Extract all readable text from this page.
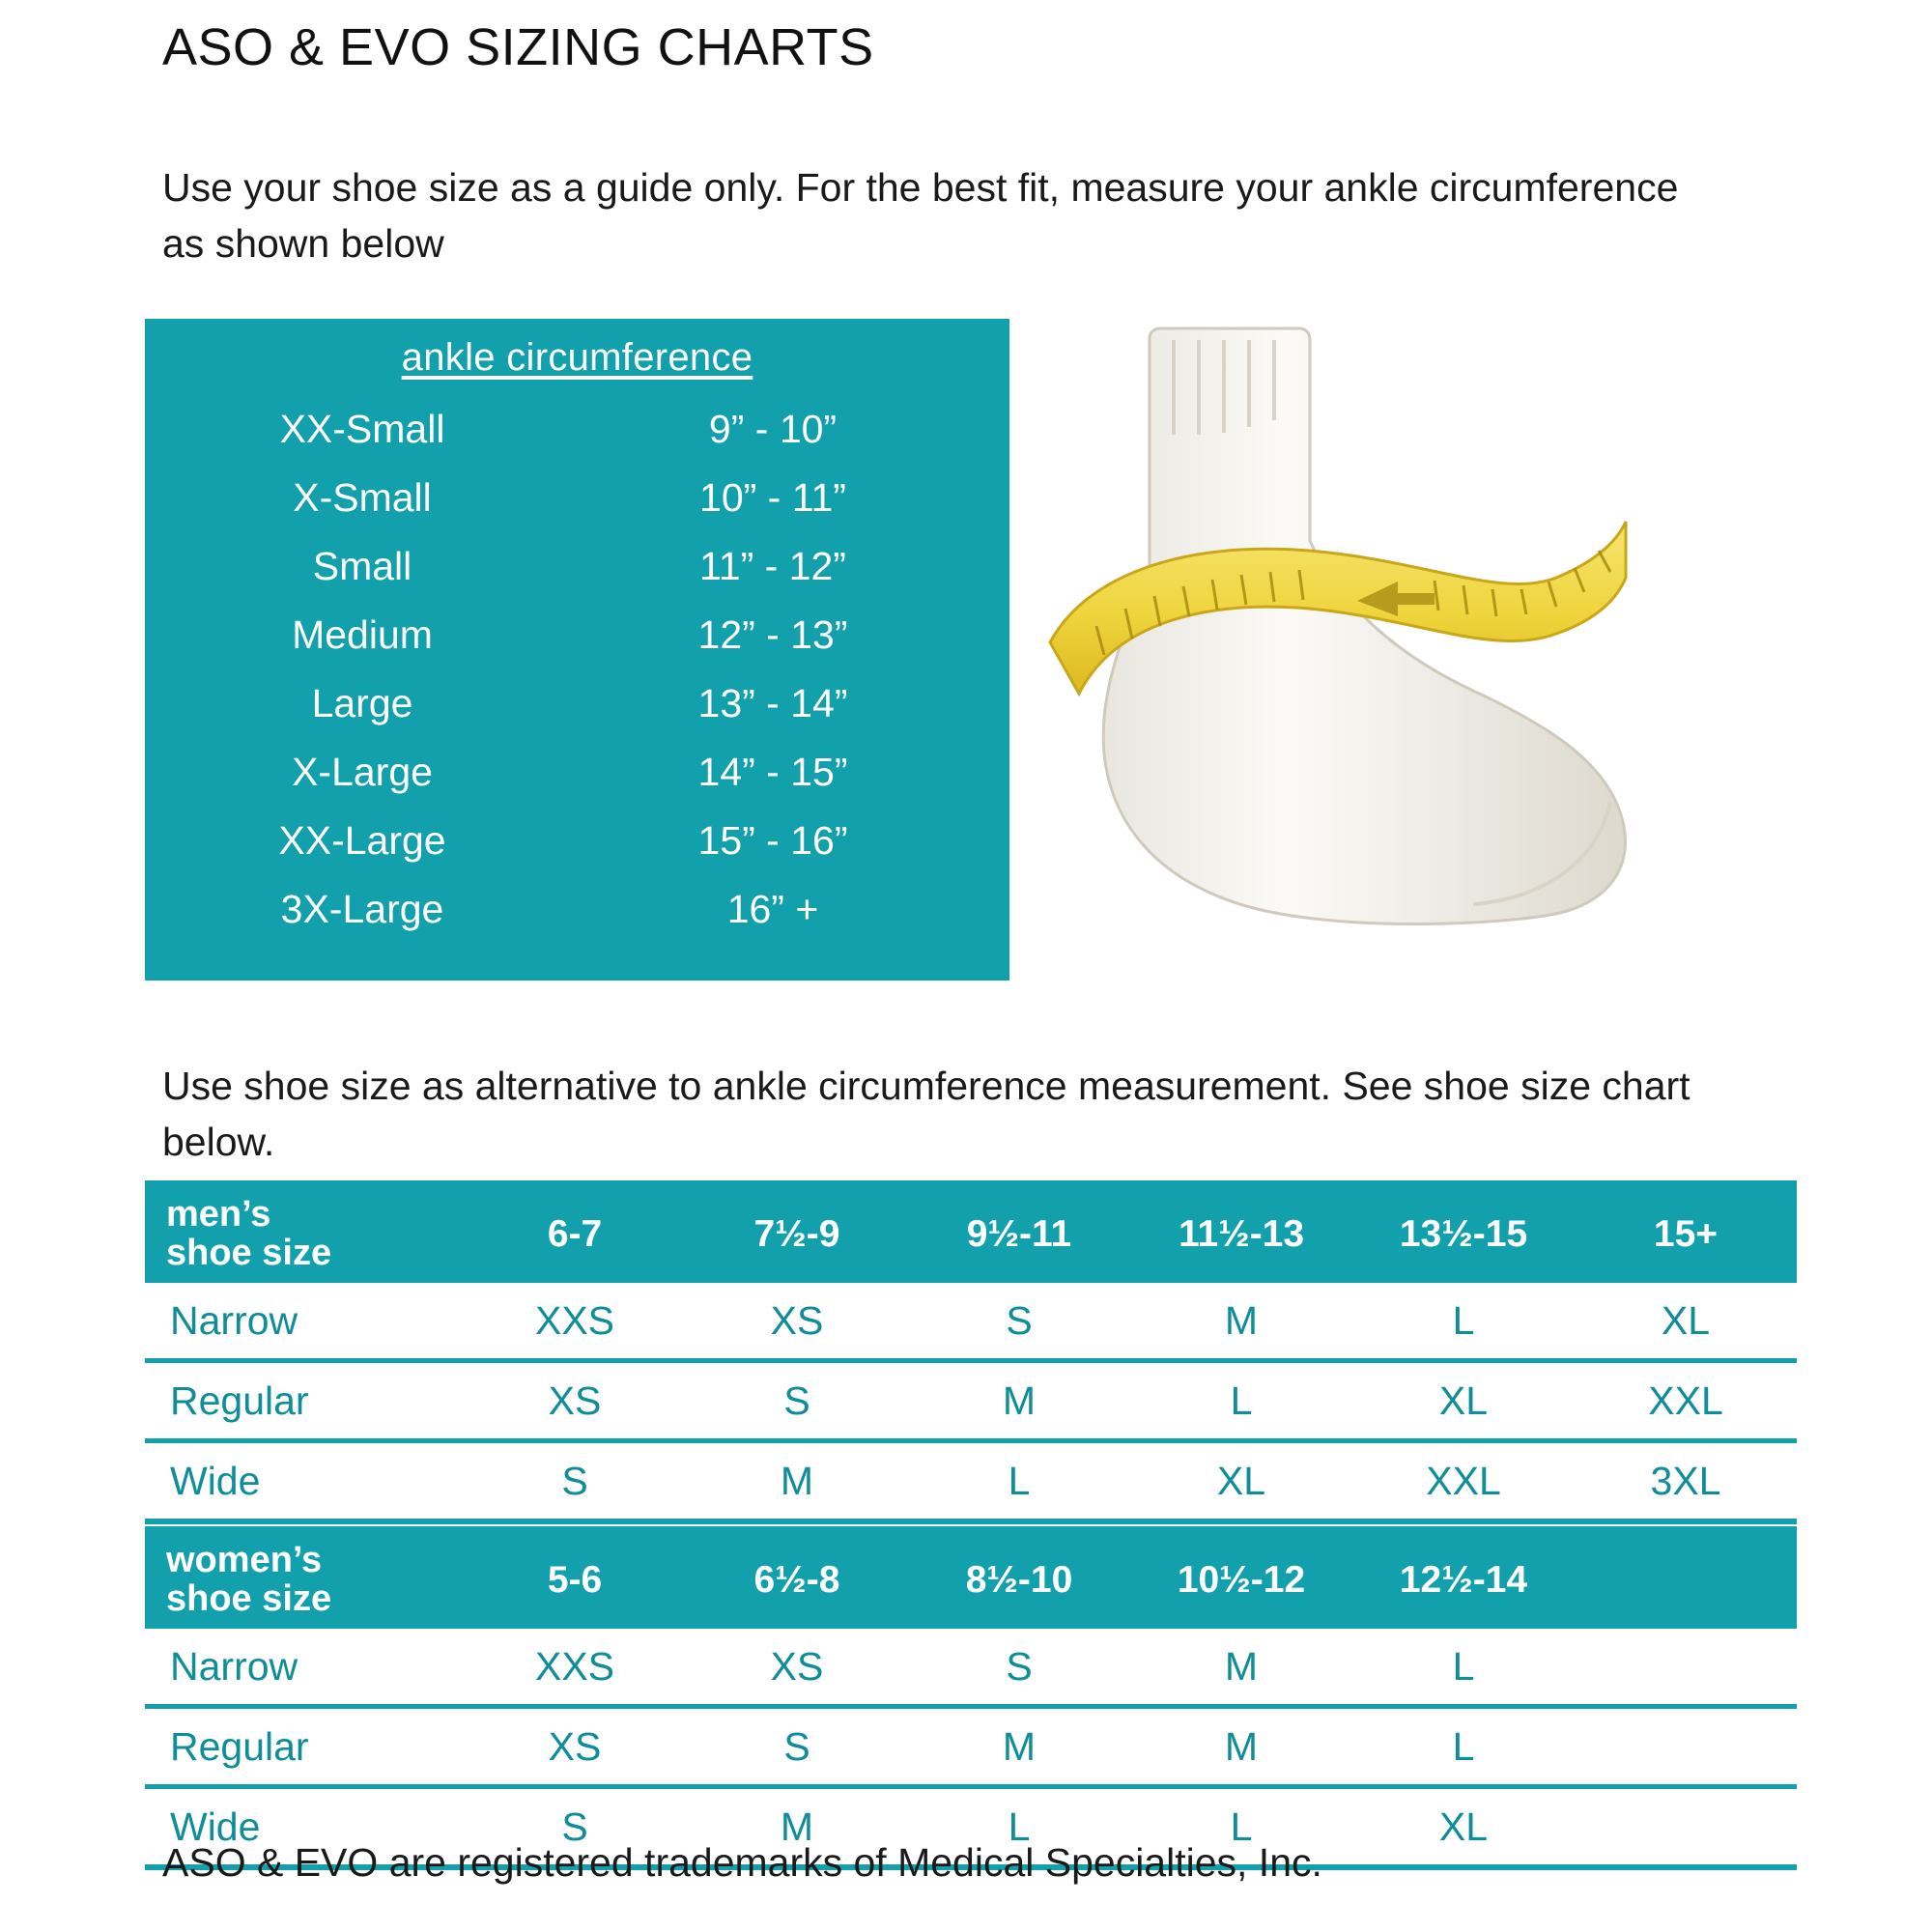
ASO & EVO SIZING CHARTS
Use your shoe size as a guide only. For the best fit, measure your ankle circumference as shown below
ankle circumference
XX-Small	9” - 10”
X-Small	10” - 11”
Small	11” - 12”
Medium	12” - 13”
Large	13” - 14”
X-Large	14” - 15”
XX-Large	15” - 16”
3X-Large	16” +
Use shoe size as alternative to ankle circumference measurement. See shoe size chart below.
men’s
shoe size	6-7	7½-9	9½-11	11½-13	13½-15	15+
Narrow	XXS	XS	S	M	L	XL
Regular	XS	S	M	L	XL	XXL
Wide	S	M	L	XL	XXL	3XL
women’s
shoe size	5-6	6½-8	8½-10	10½-12	12½-14	
Narrow	XXS	XS	S	M	L	
Regular	XS	S	M	M	L	
Wide	S	M	L	L	XL	
ASO & EVO are registered trademarks of Medical Specialties, Inc.
